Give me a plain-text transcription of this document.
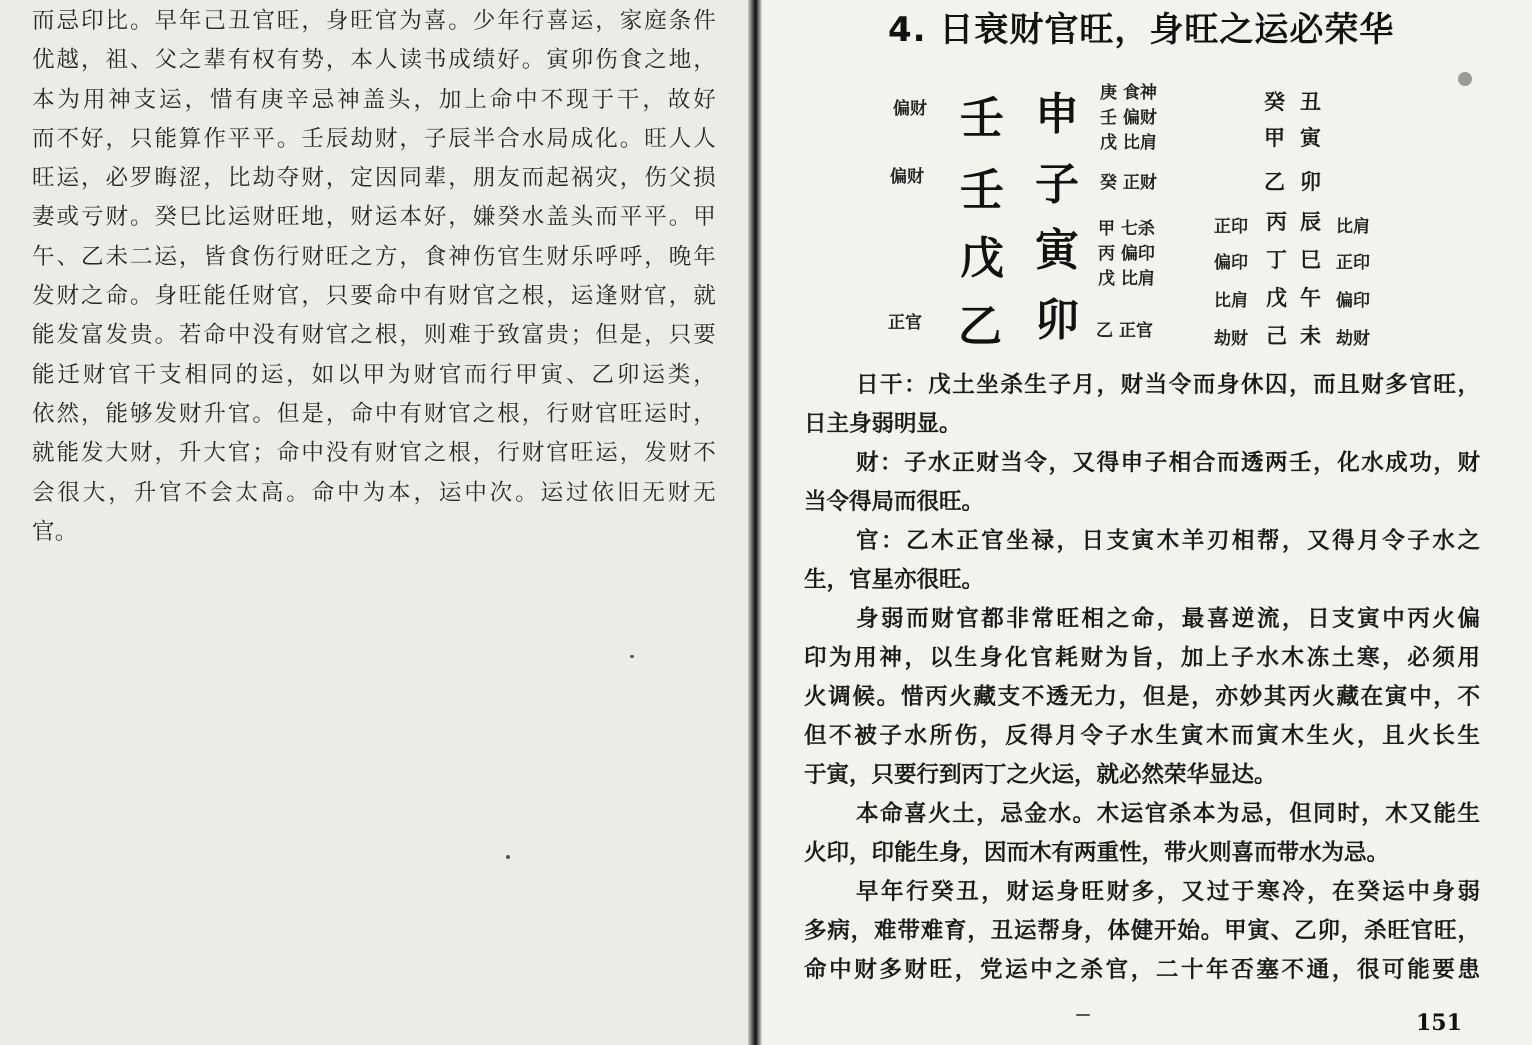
而忌印比。早年己丑官旺，身旺官为喜。少年行喜运，家庭条件
优越，祖、父之辈有权有势，本人读书成绩好。寅卯伤食之地，
本为用神支运，惜有庚辛忌神盖头，加上命中不现于干，故好
而不好，只能算作平平。壬辰劫财，子辰半合水局成化。旺人人
旺运，必罗晦涩，比劫夺财，定因同辈，朋友而起祸灾，伤父损
妻或亏财。癸巳比运财旺地，财运本好，嫌癸水盖头而平平。甲
午、乙未二运，皆食伤行财旺之方，食神伤官生财乐呼呼，晚年
发财之命。身旺能任财官，只要命中有财官之根，运逢财官，就
能发富发贵。若命中没有财官之根，则难于致富贵；但是，只要
能迁财官干支相同的运，如以甲为财官而行甲寅、乙卯运类，
依然，能够发财升官。但是，命中有财官之根，行财官旺运时，
就能发大财，升大官；命中没有财官之根，行财官旺运，发财不
会很大，升官不会太高。命中为本，运中次。运过依旧无财无
官。
4. 日衰财官旺，身旺之运必荣华
偏财
偏财
正官
壬
壬
戊
乙
申
子
寅
卯
庚 食神
壬 偏财
戊 比肩
癸 正财
甲 七杀
丙 偏印
戊 比肩
乙 正官
癸 丑
甲 寅
乙 卯
正印 丙 辰 比肩
偏印 丁 巳 正印
比肩 戊 午 偏印
劫财 己 未 劫财
日干：戊土坐杀生子月，财当令而身休囚，而且财多官旺，
日主身弱明显。
财：子水正财当令，又得申子相合而透两壬，化水成功，财
当令得局而很旺。
官：乙木正官坐禄，日支寅木羊刃相帮，又得月令子水之
生，官星亦很旺。
身弱而财官都非常旺相之命，最喜逆流，日支寅中丙火偏
印为用神，以生身化官耗财为旨，加上子水木冻土寒，必须用
火调候。惜丙火藏支不透无力，但是，亦妙其丙火藏在寅中，不
但不被子水所伤，反得月令子水生寅木而寅木生火，且火长生
于寅，只要行到丙丁之火运，就必然荣华显达。
本命喜火土，忌金水。木运官杀本为忌，但同时，木又能生
火印，印能生身，因而木有两重性，带火则喜而带水为忌。
早年行癸丑，财运身旺财多，又过于寒冷，在癸运中身弱
多病，难带难育，丑运帮身，体健开始。甲寅、乙卯，杀旺官旺，
命中财多财旺，党运中之杀官，二十年否塞不通，很可能要患
151
